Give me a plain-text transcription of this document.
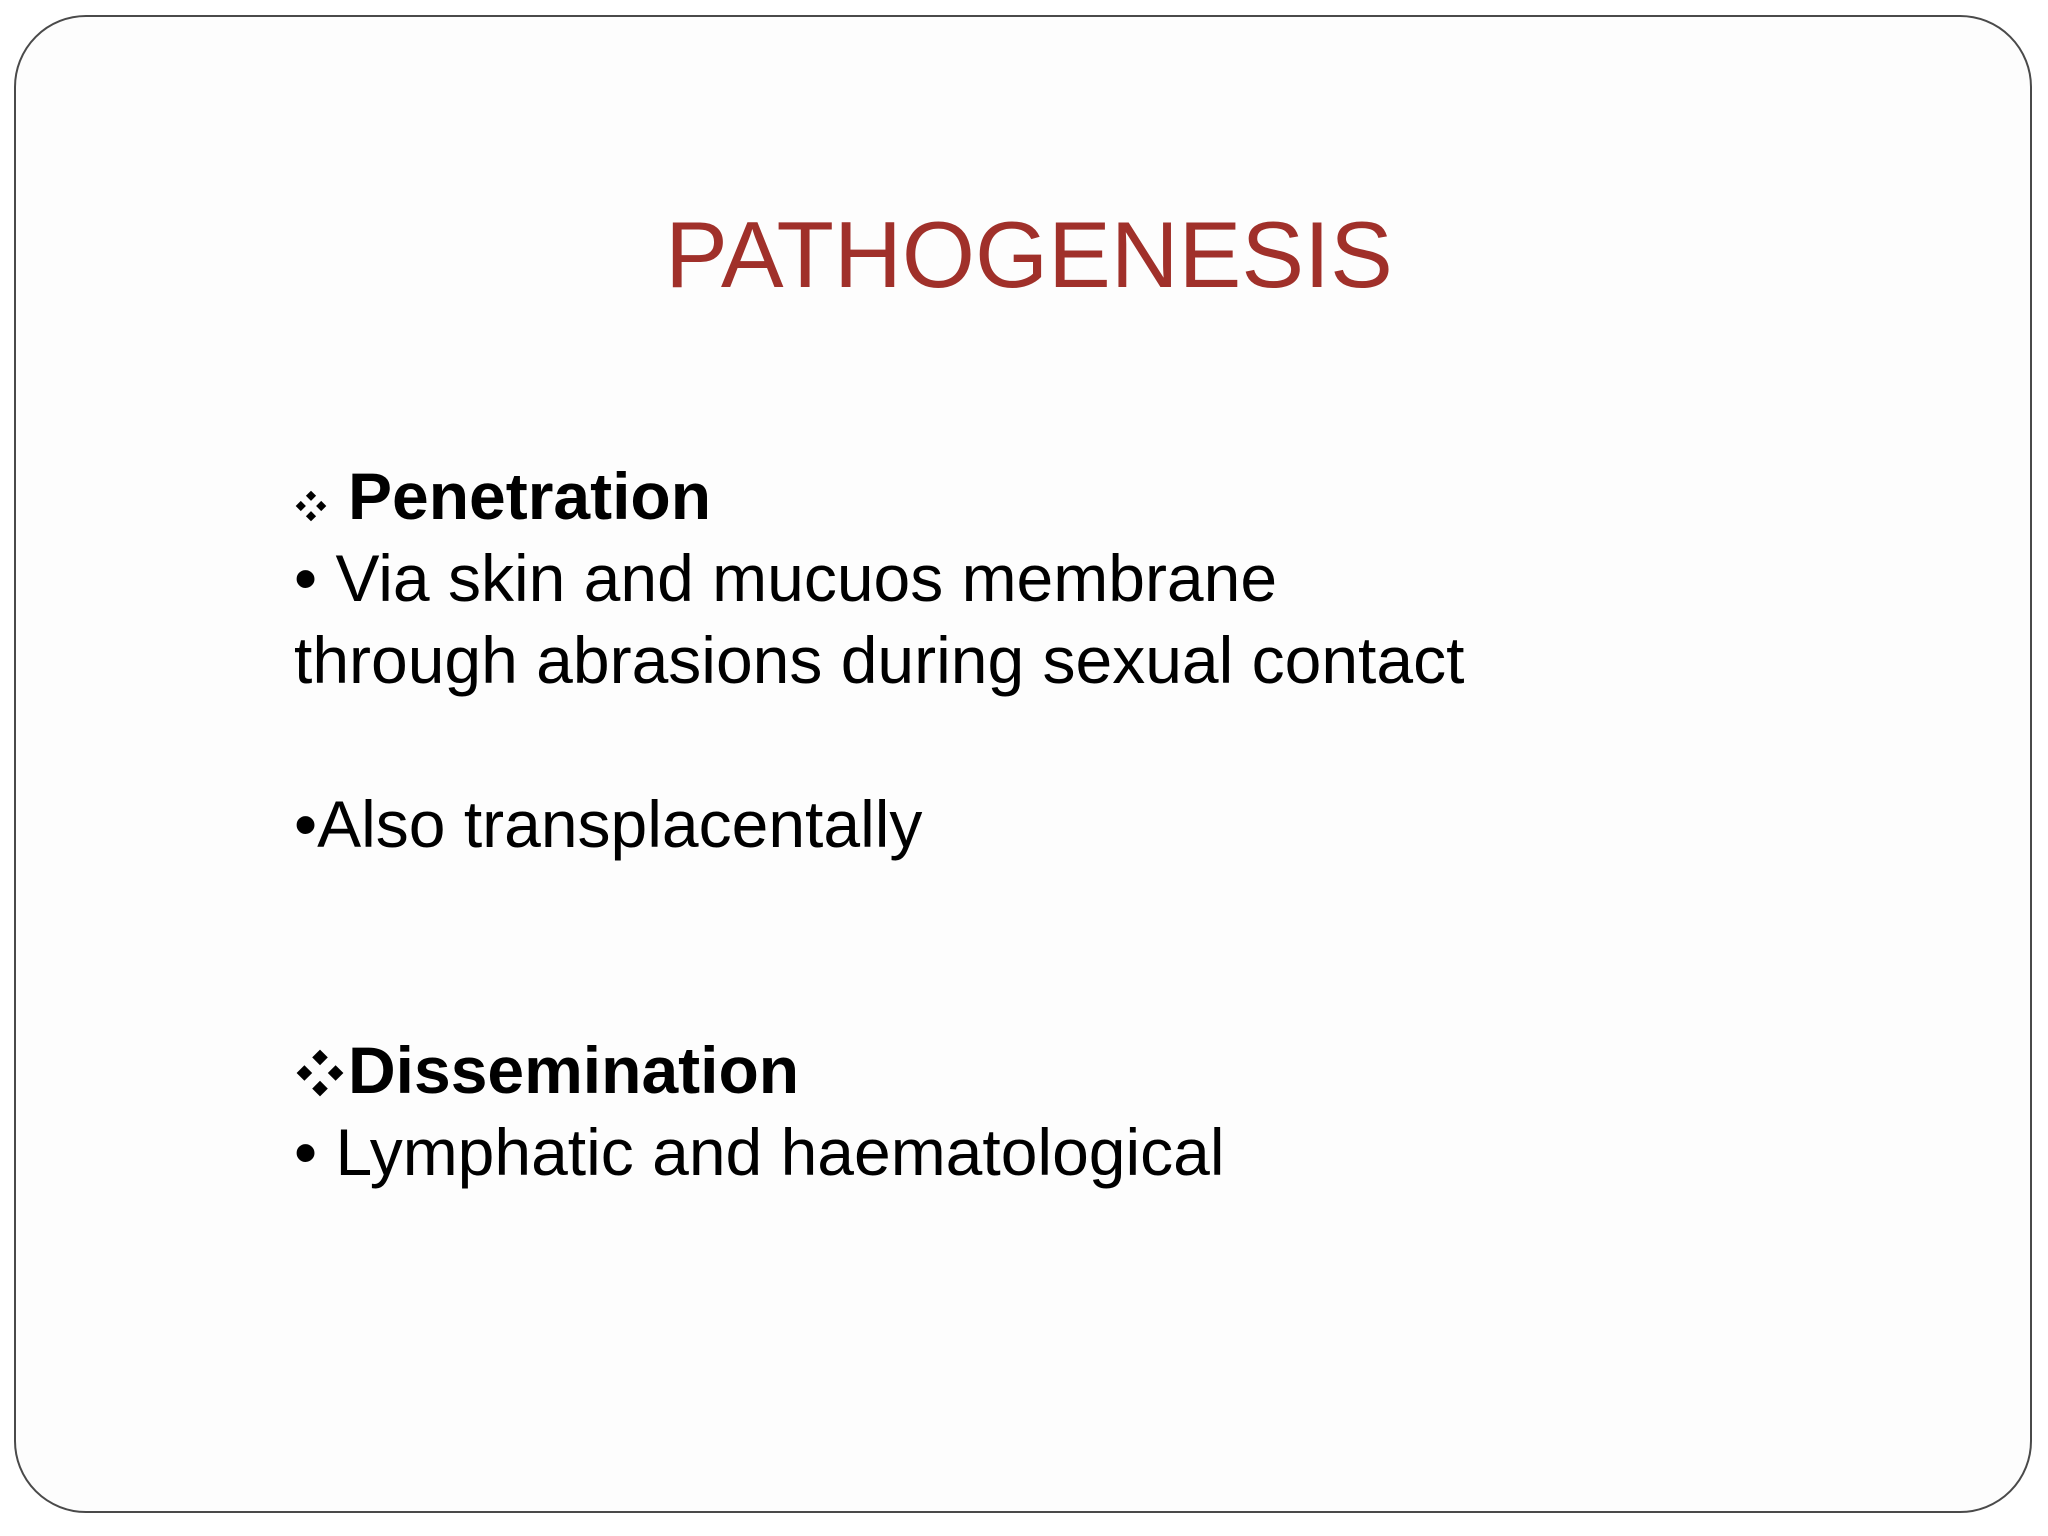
PATHOGENESIS
Penetration
• Via skin and mucuos membrane
through abrasions during sexual contact
•Also transplacentally
Dissemination
• Lymphatic and haematological
